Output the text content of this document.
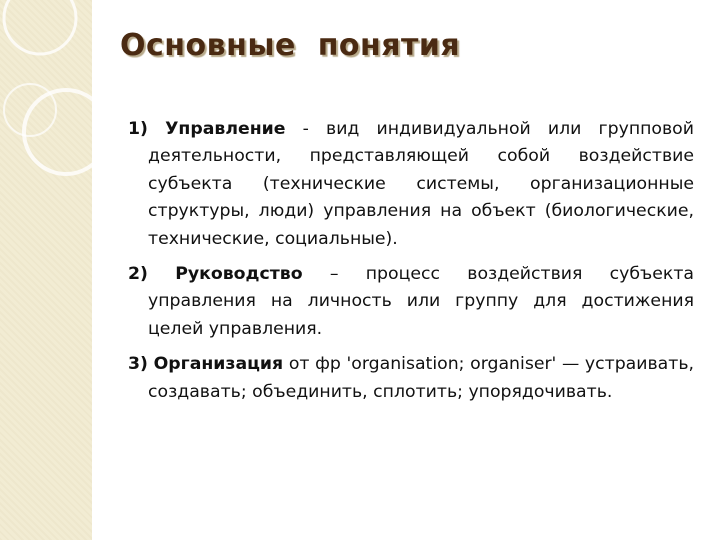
Основные  понятия

1) Управление - вид индивидуальной или групповой деятельности, представляющей собой воздействие субъекта (технические системы, организационные структуры, люди) управления на объект (биологические, технические, социальные).

2) Руководство – процесс воздействия субъекта управления на личность или группу для достижения целей управления.

3) Организация от фр 'organisation; organiser' — устраивать, создавать; объединить, сплотить; упорядочивать.
